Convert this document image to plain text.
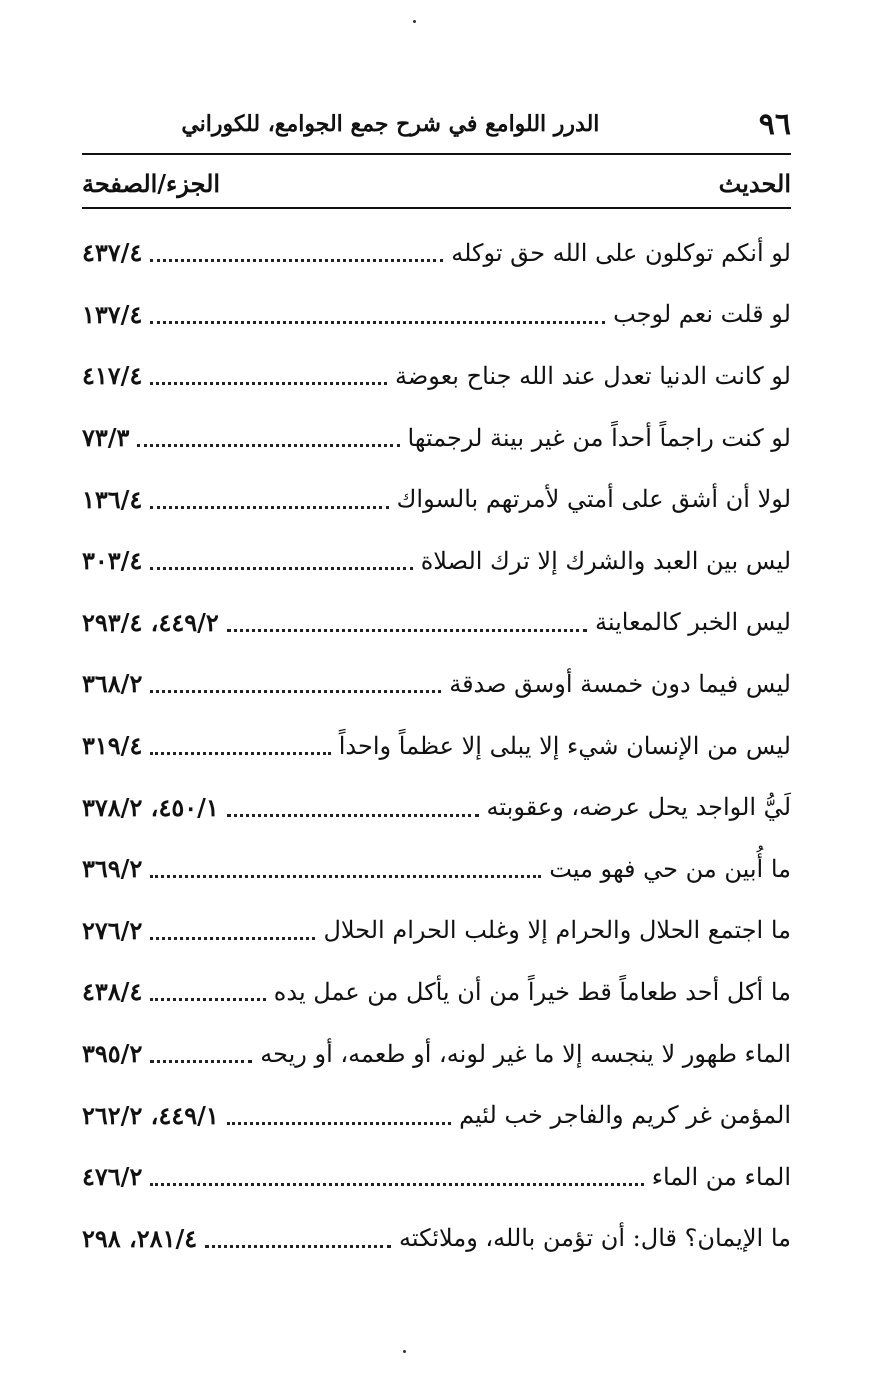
٩٦
الدرر اللوامع في شرح جمع الجوامع، للكوراني
الحديث
الجزء/الصفحة
لو أنكم توكلون على الله حق توكله
٤٣٧/٤
لو قلت نعم لوجب
١٣٧/٤
لو كانت الدنيا تعدل عند الله جناح بعوضة
٤١٧/٤
لو كنت راجماً أحداً من غير بينة لرجمتها
٧٣/٣
لولا أن أشق على أمتي لأمرتهم بالسواك
١٣٦/٤
ليس بين العبد والشرك إلا ترك الصلاة
٣٠٣/٤
ليس الخبر كالمعاينة
٤٤٩/٢، ٢٩٣/٤
ليس فيما دون خمسة أوسق صدقة
٣٦٨/٢
ليس من الإنسان شيء إلا يبلى إلا عظماً واحداً
٣١٩/٤
لَيُّ الواجد يحل عرضه، وعقوبته
٤٥٠/١، ٣٧٨/٢
ما أُبين من حي فهو ميت
٣٦٩/٢
ما اجتمع الحلال والحرام إلا وغلب الحرام الحلال
٢٧٦/٢
ما أكل أحد طعاماً قط خيراً من أن يأكل من عمل يده
٤٣٨/٤
الماء طهور لا ينجسه إلا ما غير لونه، أو طعمه، أو ريحه
٣٩٥/٢
المؤمن غر كريم والفاجر خب لئيم
٤٤٩/١، ٢٦٢/٢
الماء من الماء
٤٧٦/٢
ما الإيمان؟ قال: أن تؤمن بالله، وملائكته
٢٨١/٤، ٢٩٨
